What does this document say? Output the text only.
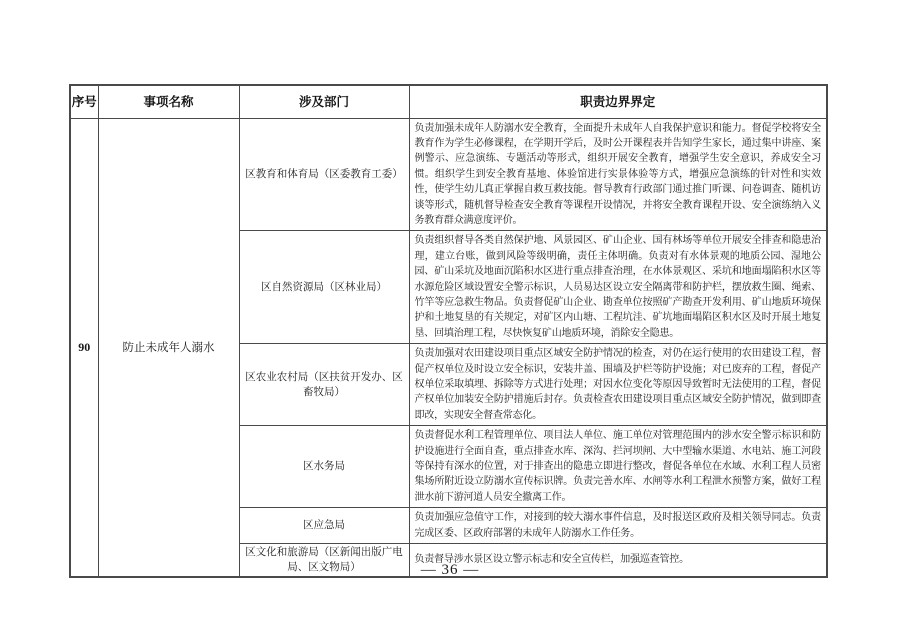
序号	事项名称	涉及部门	职责边界界定
90	防止未成年人溺水	区教育和体育局（区委教育工委）	负责加强未成年人防溺水安全教育，全面提升未成年人自我保护意识和能力。督促学校将安全教育作为学生必修课程，在学期开学后，及时公开课程表并告知学生家长，通过集中讲座、案例警示、应急演练、专题活动等形式，组织开展安全教育，增强学生安全意识，养成安全习惯。组织学生到安全教育基地、体验馆进行实景体验等方式，增强应急演练的针对性和实效性，使学生幼儿真正掌握自救互救技能。督导教育行政部门通过推门听课、问卷调查、随机访谈等形式，随机督导检查安全教育等课程开设情况，并将安全教育课程开设、安全演练纳入义务教育群众满意度评价。
		区自然资源局（区林业局）	负责组织督导各类自然保护地、风景园区、矿山企业、国有林场等单位开展安全排查和隐患治理，建立台账，做到风险等级明确，责任主体明确。负责对有水体景观的地质公园、湿地公园、矿山采坑及地面沉陷积水区进行重点排查治理，在水体景观区、采坑和地面塌陷积水区等水源危险区域设置安全警示标识，人员易达区设立安全隔离带和防护栏，摆放救生圈、绳索、竹竿等应急救生物品。负责督促矿山企业、勘查单位按照矿产勘查开发利用、矿山地质环境保护和土地复垦的有关规定，对矿区内山塘、工程坑洼、矿坑地面塌陷区积水区及时开展土地复垦、回填治理工程，尽快恢复矿山地质环境，消除安全隐患。
		区农业农村局（区扶贫开发办、区畜牧局）	负责加强对农田建设项目重点区域安全防护情况的检查，对仍在运行使用的农田建设工程，督促产权单位及时设立安全标识，安装井盖、围墙及护栏等防护设施；对已废弃的工程，督促产权单位采取填埋、拆除等方式进行处理；对因水位变化等原因导致暂时无法使用的工程，督促产权单位加装安全防护措施后封存。负责检查农田建设项目重点区域安全防护情况，做到即查即改，实现安全督查常态化。
		区水务局	负责督促水利工程管理单位、项目法人单位、施工单位对管理范围内的涉水安全警示标识和防护设施进行全面自查，重点排查水库、深沟、拦河坝闸、大中型输水渠道、水电站、施工河段等保持有深水的位置，对于排查出的隐患立即进行整改，督促各单位在水域、水利工程人员密集场所附近设立防溺水宣传标识牌。负责完善水库、水闸等水利工程泄水预警方案，做好工程泄水前下游河道人员安全撤离工作。
		区应急局	负责加强应急值守工作，对接到的较大溺水事件信息，及时报送区政府及相关领导同志。负责完成区委、区政府部署的未成年人防溺水工作任务。
		区文化和旅游局（区新闻出版广电局、区文物局）	负责督导涉水景区设立警示标志和安全宣传栏，加强巡查管控。
— 36 —
